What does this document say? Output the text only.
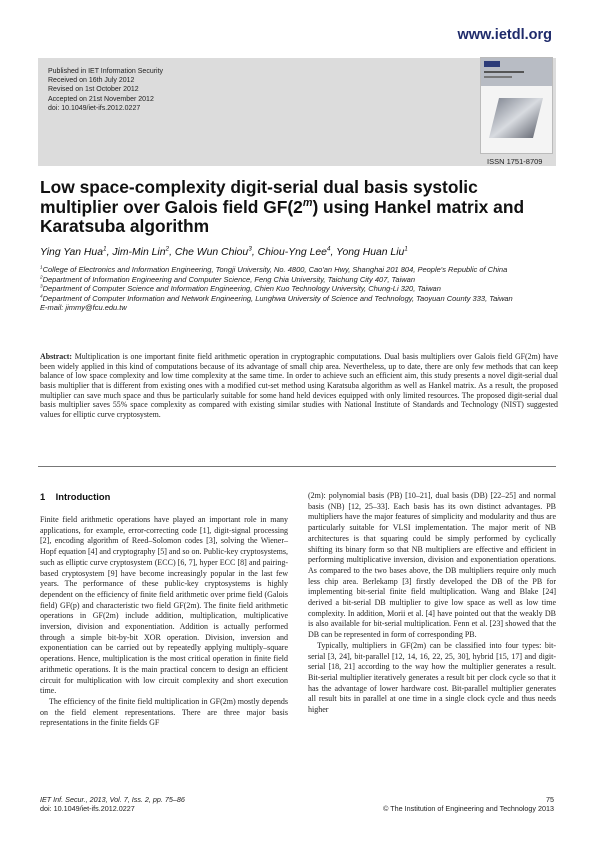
www.ietdl.org
Published in IET Information Security
Received on 16th July 2012
Revised on 1st October 2012
Accepted on 21st November 2012
doi: 10.1049/iet-ifs.2012.0227
ISSN 1751-8709
Low space-complexity digit-serial dual basis systolic multiplier over Galois field GF(2$^m$) using Hankel matrix and Karatsuba algorithm
Ying Yan Hua$^1$, Jim-Min Lin$^2$, Che Wun Chiou$^3$, Chiou-Yng Lee$^4$, Yong Huan Liu$^1$

$^1$College of Electronics and Information Engineering, Tongji University, No. 4800, Cao'an Hwy, Shanghai 201 804, People's Republic of China

$^2$Department of Information Engineering and Computer Science, Feng Chia University, Taichung City 407, Taiwan

$^3$Department of Computer Science and Information Engineering, Chien Kuo Technology University, Chung-Li 320, Taiwan

$^4$Department of Computer Information and Network Engineering, Lunghwa University of Science and Technology, Taoyuan County 333, Taiwan

E-mail: jimmy@fcu.edu.tw

Abstract: Multiplication is one important finite field arithmetic operation in cryptographic computations. Dual basis multipliers over Galois field GF(2m) have been widely applied in this kind of computations because of its advantage of small chip area. Nevertheless, up to date, there are only few methods that can keep balance of low space complexity and low time complexity at the same time. In order to achieve such an efficient aim, this study presents a novel digit-serial dual basis multiplier that is different from existing ones with a modified cut-set method using Karatsuba algorithm as well as Hankel matrix. As a result, the proposed multiplier can save much space and thus be particularly suitable for some hand held devices equipped with only limited resources. The proposed digit-serial dual basis multiplier saves 55% space complexity as compared with existing similar studies with National Institute of Standards and Technology (NIST) suggested values for elliptic curve cryptosystem.
1 Introduction

Finite field arithmetic operations have played an important role in many applications, for example, error-correcting code [1], digit-signal processing [2], encoding algorithm of Reed–Solomon codes [3], solving the Wiener–Hopf equation [4] and cryptography [5] and so on. Public-key cryptosystems, such as elliptic curve cryptosystem (ECC) [6, 7], hyper ECC [8] and pairing-based cryptosystem [9] have become increasingly popular in the last few years. The performance of these public-key cryptosystems is highly dependent on the efficiency of finite field arithmetic over prime field (Galois field) GF(p) and characteristic two field GF(2m). The finite field arithmetic operations in GF(2m) include addition, multiplication, multiplicative inversion, division and exponentiation. Addition is actually performed through a simple bit-by-bit XOR operation. Division, inversion and exponentiation can be carried out by repeatedly applying multiply–square operations. Hence, multiplication is the most critical operation in finite field arithmetic operations. It is the main practical concern to design an efficient circuit for multiplication with low circuit complexity and short execution time.

The efficiency of the finite field multiplication in GF(2m) mostly depends on the field element representations. There are three major basis representations in the finite fields GF

(2m): polynomial basis (PB) [10–21], dual basis (DB) [22–25] and normal basis (NB) [12, 25–33]. Each basis has its own distinct advantages. PB multipliers have the major features of simplicity and modularity and thus are particularly suitable for VLSI implementation. The major merit of NB architectures is that squaring could be simply performed by cyclically shifting its binary form so that NB multipliers are effective and efficient in performing multiplicative inversion, division and exponentiation operations. As compared to the two bases above, the DB multipliers require only much less chip area. Berlekamp [3] firstly developed the DB of the PB for implementing bit-serial finite field multiplication. Wang and Blake [24] derived a bit-serial DB multiplier to give low space as well as low time complexity. In addition, Morii et al. [4] have pointed out that the weakly DB is also available for bit-serial multiplication. Fenn et al. [23] showed that the DB can be represented in form of corresponding PB.

Typically, multipliers in GF(2m) can be classified into four types: bit-serial [3, 24], bit-parallel [12, 14, 16, 22, 25, 30], hybrid [15, 17] and digit-serial [18, 21] according to the way how the multiplier generates a result. Bit-serial multiplier iteratively generates a result bit per clock cycle so that it has the advantage of lower hardware cost. Bit-parallel multiplier generates all result bits in parallel at one time in a single clock cycle and thus needs higher

IET Inf. Secur., 2013, Vol. 7, Iss. 2, pp. 75–86
doi: 10.1049/iet-ifs.2012.0227
75
© The Institution of Engineering and Technology 2013
